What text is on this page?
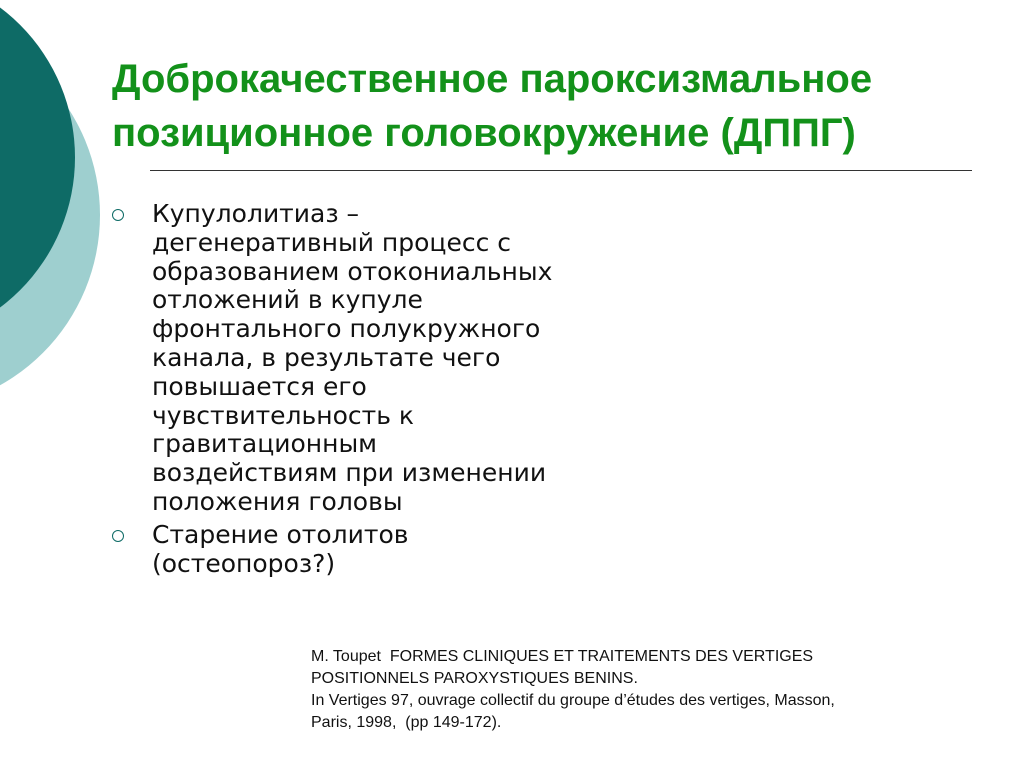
Доброкачественное пароксизмальное
позиционное головокружение (ДППГ)
Купулолитиаз –
дегенеративный процесс с
образованием отокониальных
отложений в купуле
фронтального полукружного
канала, в результате чего
повышается его
чувствительность к
гравитационным
воздействиям при изменении
положения головы
Старение отолитов
(остеопороз?)
M. Toupet  FORMES CLINIQUES ET TRAITEMENTS DES VERTIGES
POSITIONNELS PAROXYSTIQUES BENINS.
In Vertiges 97, ouvrage collectif du groupe d’études des vertiges, Masson,
Paris, 1998,  (pp 149-172).
